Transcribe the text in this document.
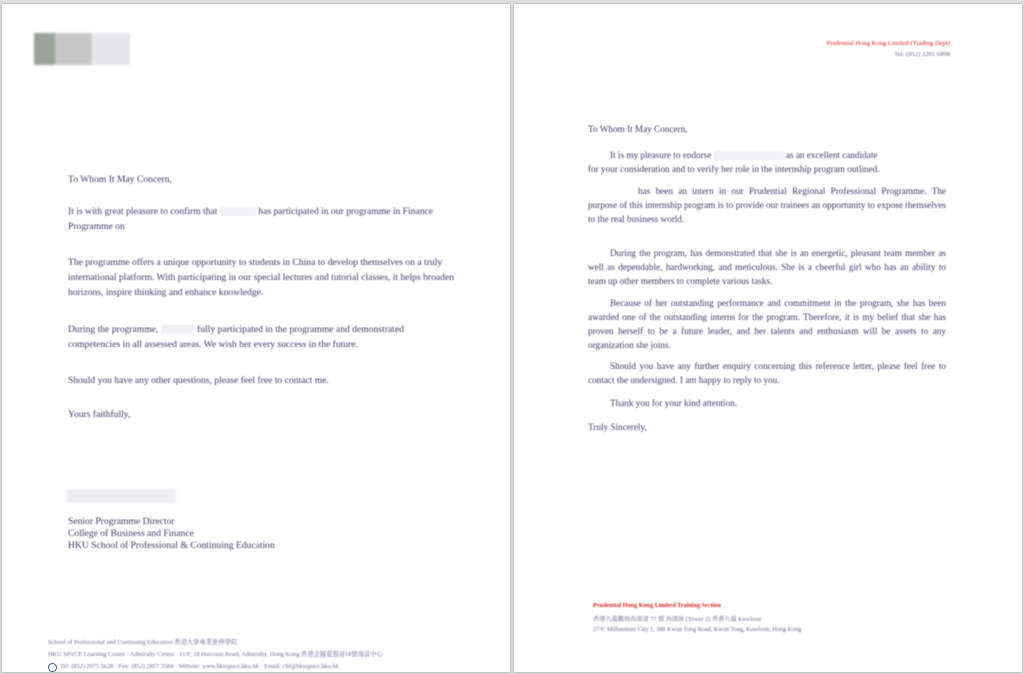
To Whom It May Concern,
It is with great pleasure to confirm that	has participated in our programme in Finance
Programme on
The programme offers a unique opportunity to students in China to develop themselves on a truly international platform. With participating in our special lectures and tutorial classes, it helps broaden horizons, inspire thinking and enhance knowledge.
During the programme,	fully participated in the programme and demonstrated
competencies in all assessed areas. We wish her every success in the future.
Should you have any other questions, please feel free to contact me.
Yours faithfully,
Senior Programme Director
College of Business and Finance
HKU School of Professional & Continuing Education
School of Professional and Continuing Education 香港大學專業進修學院
HKU SPACE Learning Centre · Admiralty Centre · 11/F, 18 Harcourt Road, Admiralty, Hong Kong 香港金鐘夏慤道18號海富中心
Tel: (852) 2975 5628 · Fax: (852) 2857 3584 · Website: www.hkuspace.hku.hk · Email: cbf@hkuspace.hku.hk
Prudential Hong Kong Limited (Trading Dept)
Tel: (852) 2281 6898
To Whom It May Concern,
It is my pleasure to endorse	as an excellent candidate
for your consideration and to verify her role in the internship program outlined.
has been an intern in our Prudential Regional Professional Programme. The purpose of this internship program is to provide our trainees an opportunity to expose themselves to the real business world.
During the program, has demonstrated that she is an energetic, pleasant team member as well as dependable, hardworking, and meticulous. She is a cheerful girl who has an ability to team up other members to complete various tasks.
Because of her outstanding performance and commitment in the program, she has been awarded one of the outstanding interns for the program. Therefore, it is my belief that she has proven herself to be a future leader, and her talents and enthusiasm will be assets to any organization she joins.
Should you have any further enquiry concerning this reference letter, please feel free to contact the undersigned. I am happy to reply to you.
Thank you for your kind attention.
Truly Sincerely,
Prudential Hong Kong Limited Training Section
香港九龍觀塘海濱道 77 號 海濱匯 (Tower 2) 香港九龍 Kowloon
27/F, Millennium City 1, 388 Kwun Tong Road, Kwun Tong, Kowloon, Hong Kong
